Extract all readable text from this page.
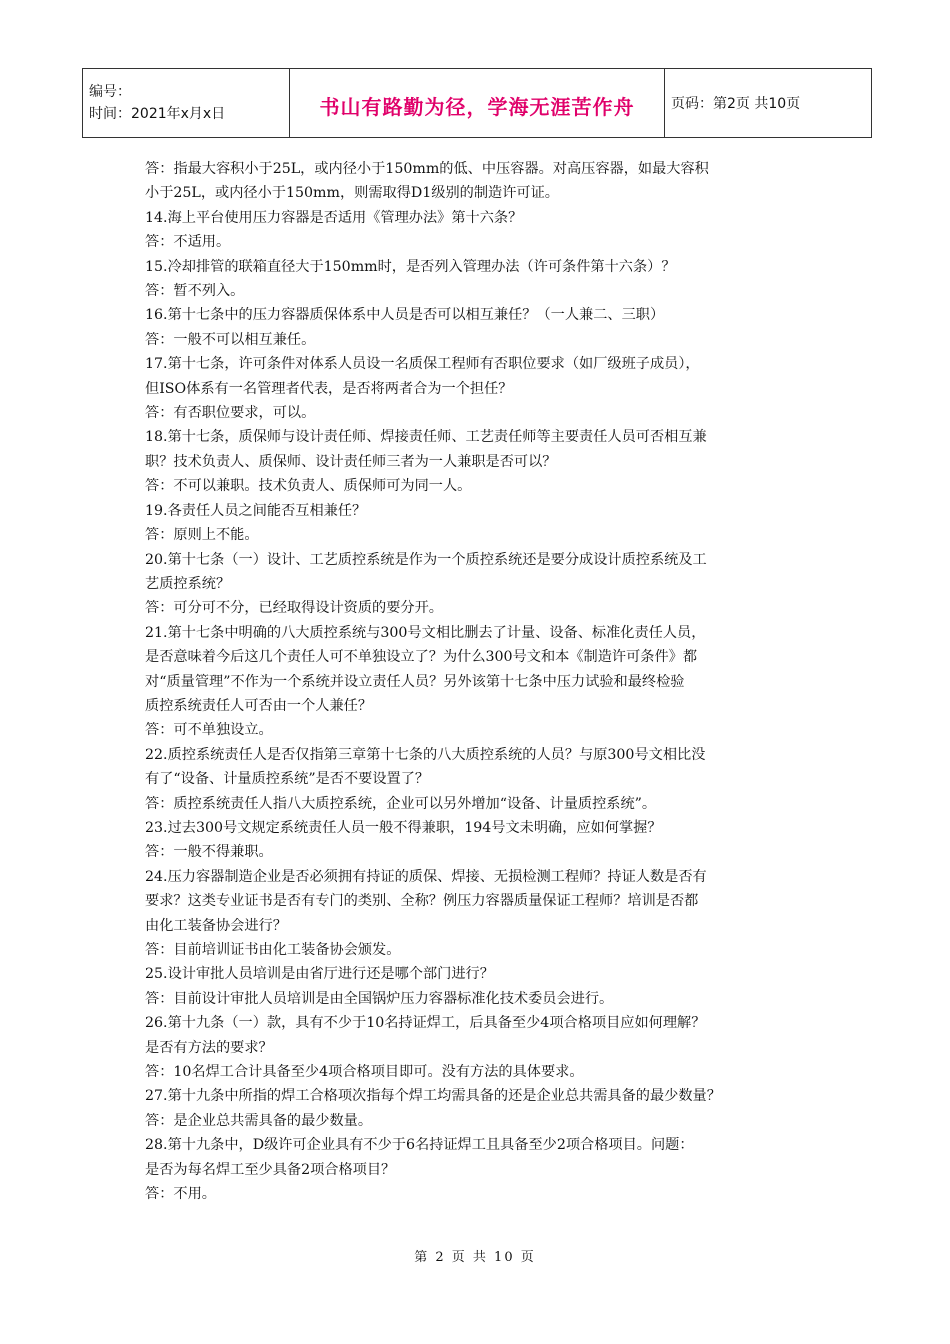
编号：
时间：2021年x月x日	书山有路勤为径，学海无涯苦作舟	页码：第2页 共10页

答：指最大容积小于25L，或内径小于150mm的低、中压容器。对高压容器，如最大容积

小于25L，或内径小于150mm，则需取得D1级别的制造许可证。

14.海上平台使用压力容器是否适用《管理办法》第十六条？

答：不适用。

15.冷却排管的联箱直径大于150mm时，是否列入管理办法（许可条件第十六条）？

答：暂不列入。

16.第十七条中的压力容器质保体系中人员是否可以相互兼任？（一人兼二、三职）

答：一般不可以相互兼任。

17.第十七条，许可条件对体系人员设一名质保工程师有否职位要求（如厂级班子成员），

但ISO体系有一名管理者代表，是否将两者合为一个担任？

答：有否职位要求，可以。

18.第十七条，质保师与设计责任师、焊接责任师、工艺责任师等主要责任人员可否相互兼

职？技术负责人、质保师、设计责任师三者为一人兼职是否可以？

答：不可以兼职。技术负责人、质保师可为同一人。

19.各责任人员之间能否互相兼任？

答：原则上不能。

20.第十七条（一）设计、工艺质控系统是作为一个质控系统还是要分成设计质控系统及工

艺质控系统？

答：可分可不分，已经取得设计资质的要分开。

21.第十七条中明确的八大质控系统与300号文相比删去了计量、设备、标准化责任人员，

是否意味着今后这几个责任人可不单独设立了？为什么300号文和本《制造许可条件》都

对“质量管理”不作为一个系统并设立责任人员？另外该第十七条中压力试验和最终检验

质控系统责任人可否由一个人兼任？

答：可不单独设立。

22.质控系统责任人是否仅指第三章第十七条的八大质控系统的人员？与原300号文相比没

有了“设备、计量质控系统”是否不要设置了？

答：质控系统责任人指八大质控系统，企业可以另外增加“设备、计量质控系统”。

23.过去300号文规定系统责任人员一般不得兼职，194号文未明确，应如何掌握？

答：一般不得兼职。

24.压力容器制造企业是否必须拥有持证的质保、焊接、无损检测工程师？持证人数是否有

要求？这类专业证书是否有专门的类别、全称？例压力容器质量保证工程师？培训是否都

由化工装备协会进行？

答：目前培训证书由化工装备协会颁发。

25.设计审批人员培训是由省厅进行还是哪个部门进行？

答：目前设计审批人员培训是由全国锅炉压力容器标准化技术委员会进行。

26.第十九条（一）款，具有不少于10名持证焊工，后具备至少4项合格项目应如何理解？

是否有方法的要求？

答：10名焊工合计具备至少4项合格项目即可。没有方法的具体要求。

27.第十九条中所指的焊工合格项次指每个焊工均需具备的还是企业总共需具备的最少数量？

答：是企业总共需具备的最少数量。

28.第十九条中，D级许可企业具有不少于6名持证焊工且具备至少2项合格项目。问题：

是否为每名焊工至少具备2项合格项目？

答：不用。

第 2 页 共 10 页
